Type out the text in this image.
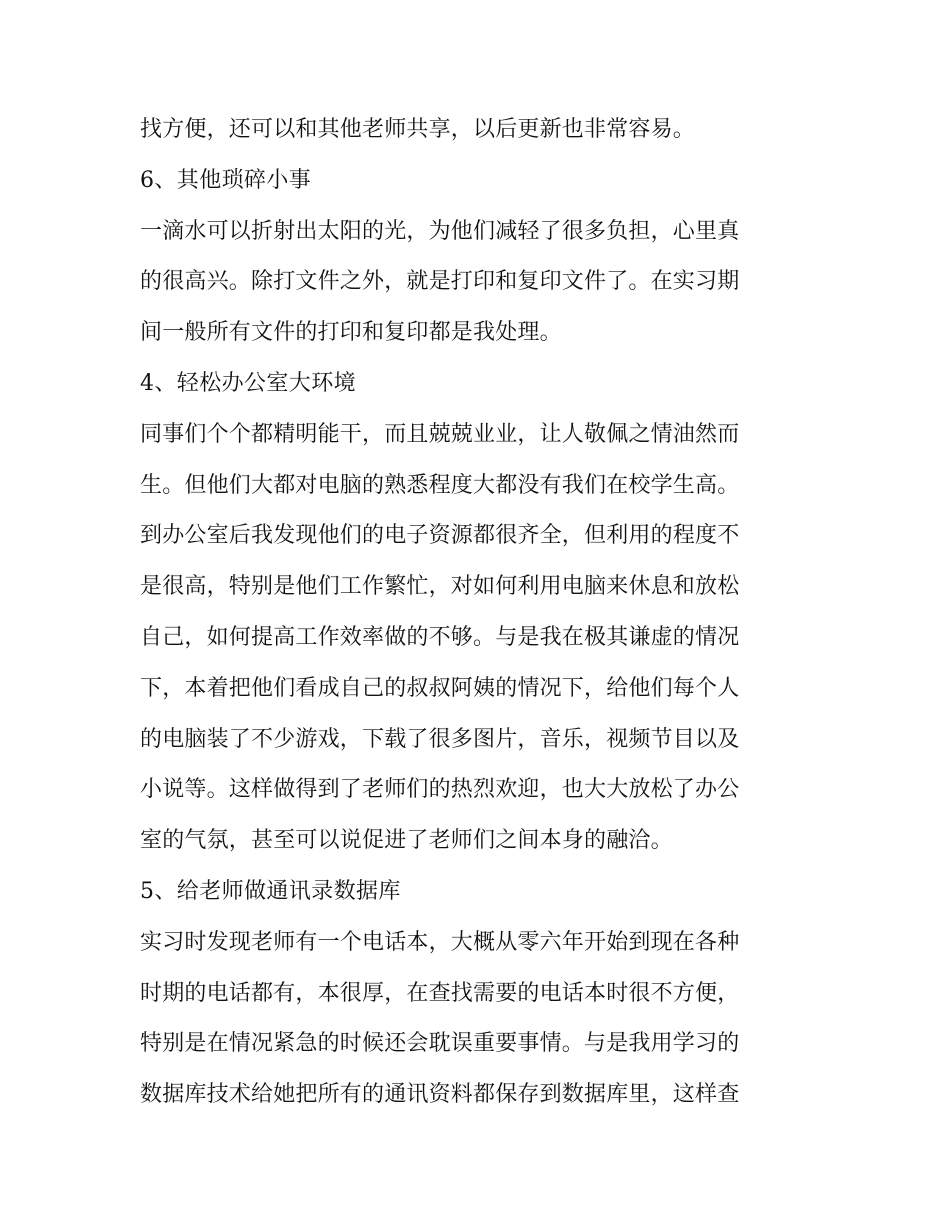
找方便，还可以和其他老师共享，以后更新也非常容易。
6、其他琐碎小事
一滴水可以折射出太阳的光，为他们减轻了很多负担，心里真
的很高兴。除打文件之外，就是打印和复印文件了。在实习期
间一般所有文件的打印和复印都是我处理。
4、轻松办公室大环境
同事们个个都精明能干，而且兢兢业业，让人敬佩之情油然而
生。但他们大都对电脑的熟悉程度大都没有我们在校学生高。
到办公室后我发现他们的电子资源都很齐全，但利用的程度不
是很高，特别是他们工作繁忙，对如何利用电脑来休息和放松
自己，如何提高工作效率做的不够。与是我在极其谦虚的情况
下，本着把他们看成自己的叔叔阿姨的情况下，给他们每个人
的电脑装了不少游戏，下载了很多图片，音乐，视频节目以及
小说等。这样做得到了老师们的热烈欢迎，也大大放松了办公
室的气氛，甚至可以说促进了老师们之间本身的融洽。
5、给老师做通讯录数据库
实习时发现老师有一个电话本，大概从零六年开始到现在各种
时期的电话都有，本很厚，在查找需要的电话本时很不方便，
特别是在情况紧急的时候还会耽误重要事情。与是我用学习的
数据库技术给她把所有的通讯资料都保存到数据库里，这样查
